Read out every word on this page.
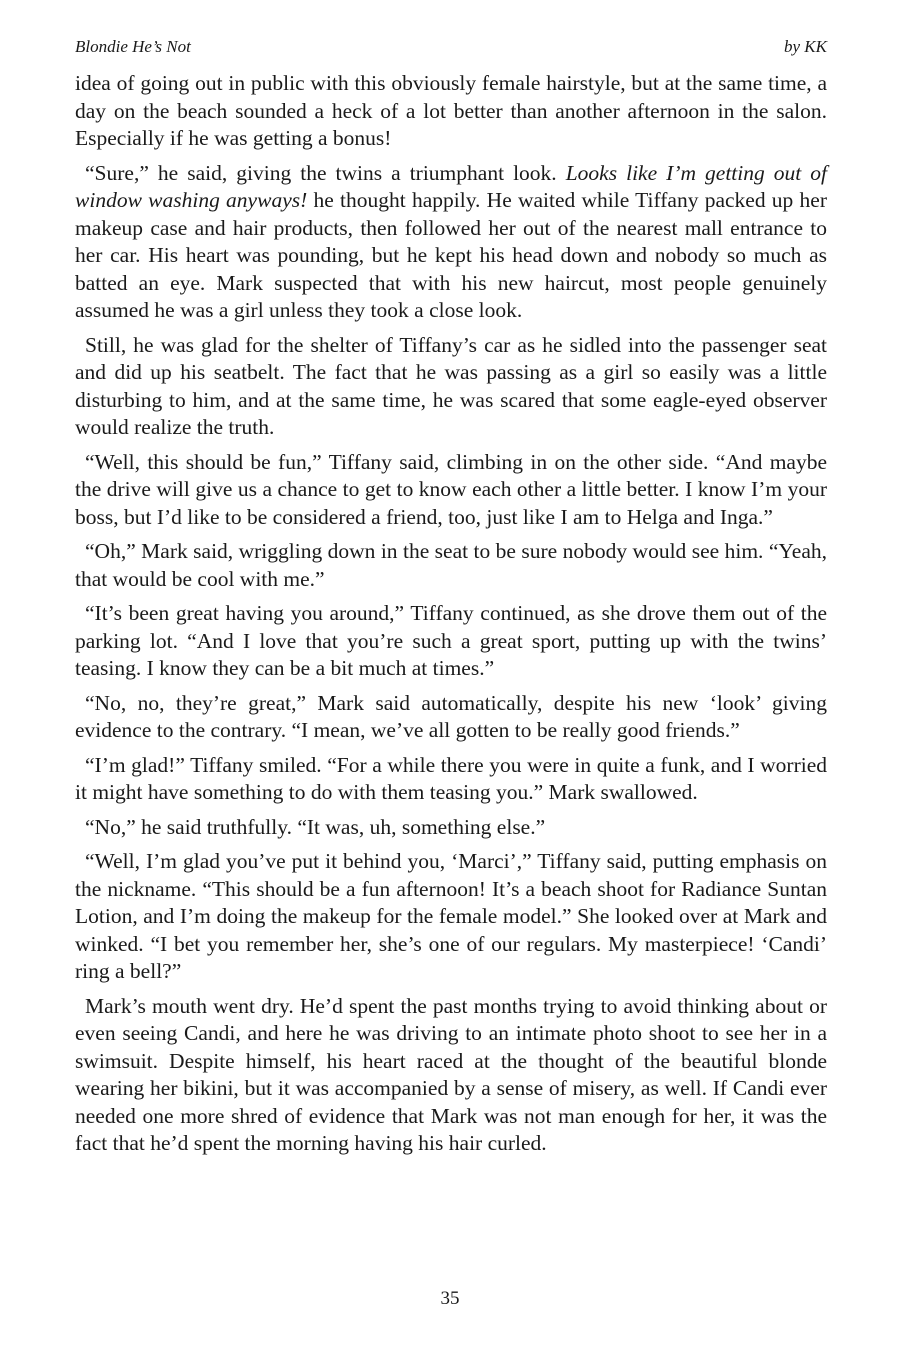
Blondie He’s Not	by KK

idea of going out in public with this obviously female hairstyle, but at the same time, a day on the beach sounded a heck of a lot better than another afternoon in the salon. Especially if he was getting a bonus!

“Sure,” he said, giving the twins a triumphant look. Looks like I’m getting out of window washing anyways! he thought happily. He waited while Tiffany packed up her makeup case and hair products, then followed her out of the nearest mall entrance to her car. His heart was pounding, but he kept his head down and nobody so much as batted an eye. Mark suspected that with his new haircut, most people genuinely assumed he was a girl unless they took a close look.

Still, he was glad for the shelter of Tiffany’s car as he sidled into the passenger seat and did up his seatbelt. The fact that he was passing as a girl so easily was a little disturbing to him, and at the same time, he was scared that some eagle-eyed observer would realize the truth.

“Well, this should be fun,” Tiffany said, climbing in on the other side. “And maybe the drive will give us a chance to get to know each other a little better. I know I’m your boss, but I’d like to be considered a friend, too, just like I am to Helga and Inga.”

“Oh,” Mark said, wriggling down in the seat to be sure nobody would see him. “Yeah, that would be cool with me.”

“It’s been great having you around,” Tiffany continued, as she drove them out of the parking lot. “And I love that you’re such a great sport, putting up with the twins’ teasing. I know they can be a bit much at times.”

“No, no, they’re great,” Mark said automatically, despite his new ‘look’ giving evidence to the contrary. “I mean, we’ve all gotten to be really good friends.”

“I’m glad!” Tiffany smiled. “For a while there you were in quite a funk, and I worried it might have something to do with them teasing you.” Mark swallowed.

“No,” he said truthfully. “It was, uh, something else.”

“Well, I’m glad you’ve put it behind you, ‘Marci’,” Tiffany said, putting emphasis on the nickname. “This should be a fun afternoon! It’s a beach shoot for Radiance Suntan Lotion, and I’m doing the makeup for the female model.” She looked over at Mark and winked. “I bet you remember her, she’s one of our regulars. My masterpiece! ‘Candi’ ring a bell?”

Mark’s mouth went dry. He’d spent the past months trying to avoid thinking about or even seeing Candi, and here he was driving to an intimate photo shoot to see her in a swimsuit. Despite himself, his heart raced at the thought of the beautiful blonde wearing her bikini, but it was accompanied by a sense of misery, as well. If Candi ever needed one more shred of evidence that Mark was not man enough for her, it was the fact that he’d spent the morning having his hair curled.

35
